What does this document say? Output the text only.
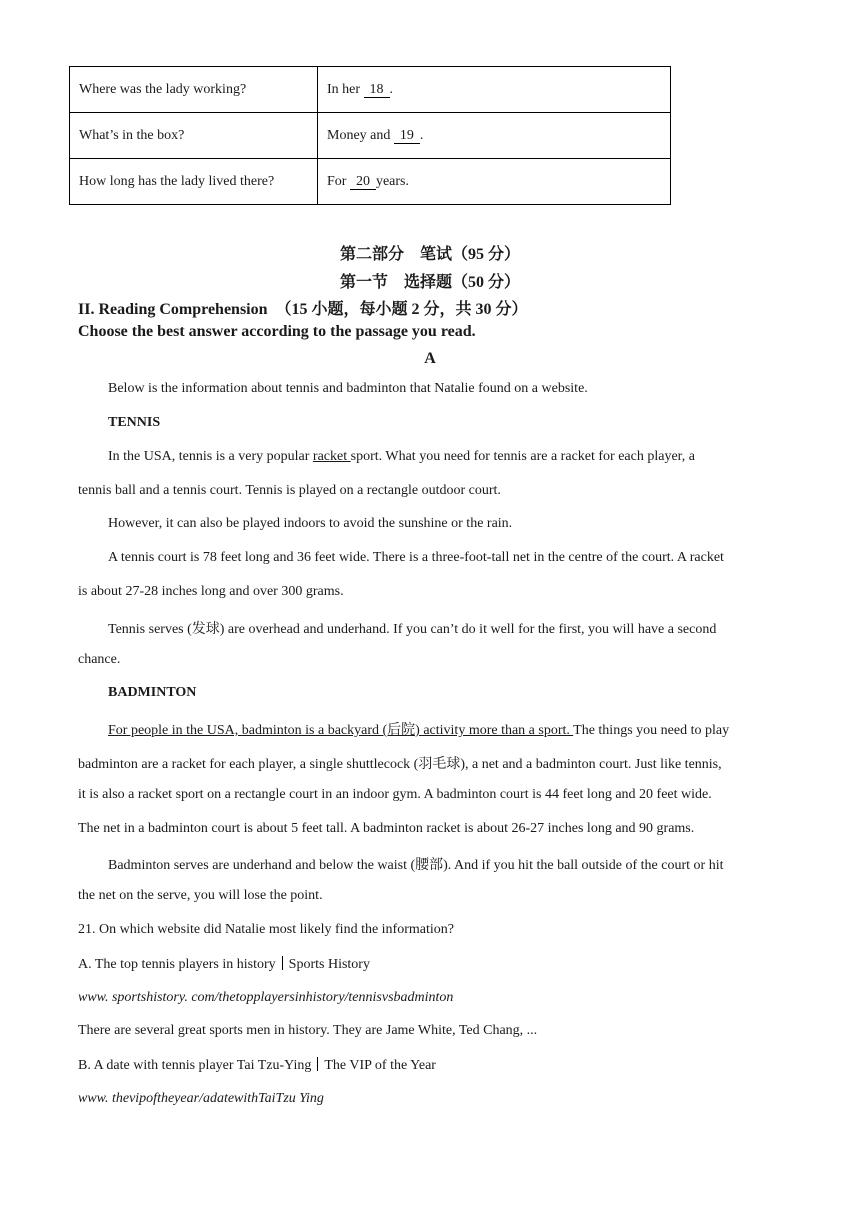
Where was the lady working?	In her 18 .
What’s in the box?	Money and 19 .
How long has the lady lived there?	For 20 years.
第二部分　笔试（95 分）
第一节　选择题（50 分）
II. Reading Comprehension　（15 小题，每小题 2 分，共 30 分）
Choose the best answer according to the passage you read.
A
Below is the information about tennis and badminton that Natalie found on a website.
TENNIS
In the USA, tennis is a very popular racket sport. What you need for tennis are a racket for each player, a
tennis ball and a tennis court. Tennis is played on a rectangle outdoor court.
However, it can also be played indoors to avoid the sunshine or the rain.
A tennis court is 78 feet long and 36 feet wide. There is a three-foot-tall net in the centre of the court. A racket
is about 27-28 inches long and over 300 grams.
Tennis serves (发球) are overhead and underhand. If you can’t do it well for the first, you will have a second
chance.
BADMINTON
For people in the USA, badminton is a backyard (后院) activity more than a sport. The things you need to play
badminton are a racket for each player, a single shuttlecock (羽毛球), a net and a badminton court. Just like tennis,
it is also a racket sport on a rectangle court in an indoor gym. A badminton court is 44 feet long and 20 feet wide.
The net in a badminton court is about 5 feet tall. A badminton racket is about 26-27 inches long and 90 grams.
Badminton serves are underhand and below the waist (腰部). And if you hit the ball outside of the court or hit
the net on the serve, you will lose the point.
21. On which website did Natalie most likely find the information?
A. The top tennis players in history Sports History
www. sportshistory. com/thetopplayersinhistory/tennisvsbadminton
There are several great sports men in history. They are Jame White, Ted Chang, ...
B. A date with tennis player Tai Tzu-Ying The VIP of the Year
www. thevipoftheyear/adatewithTaiTzu Ying
